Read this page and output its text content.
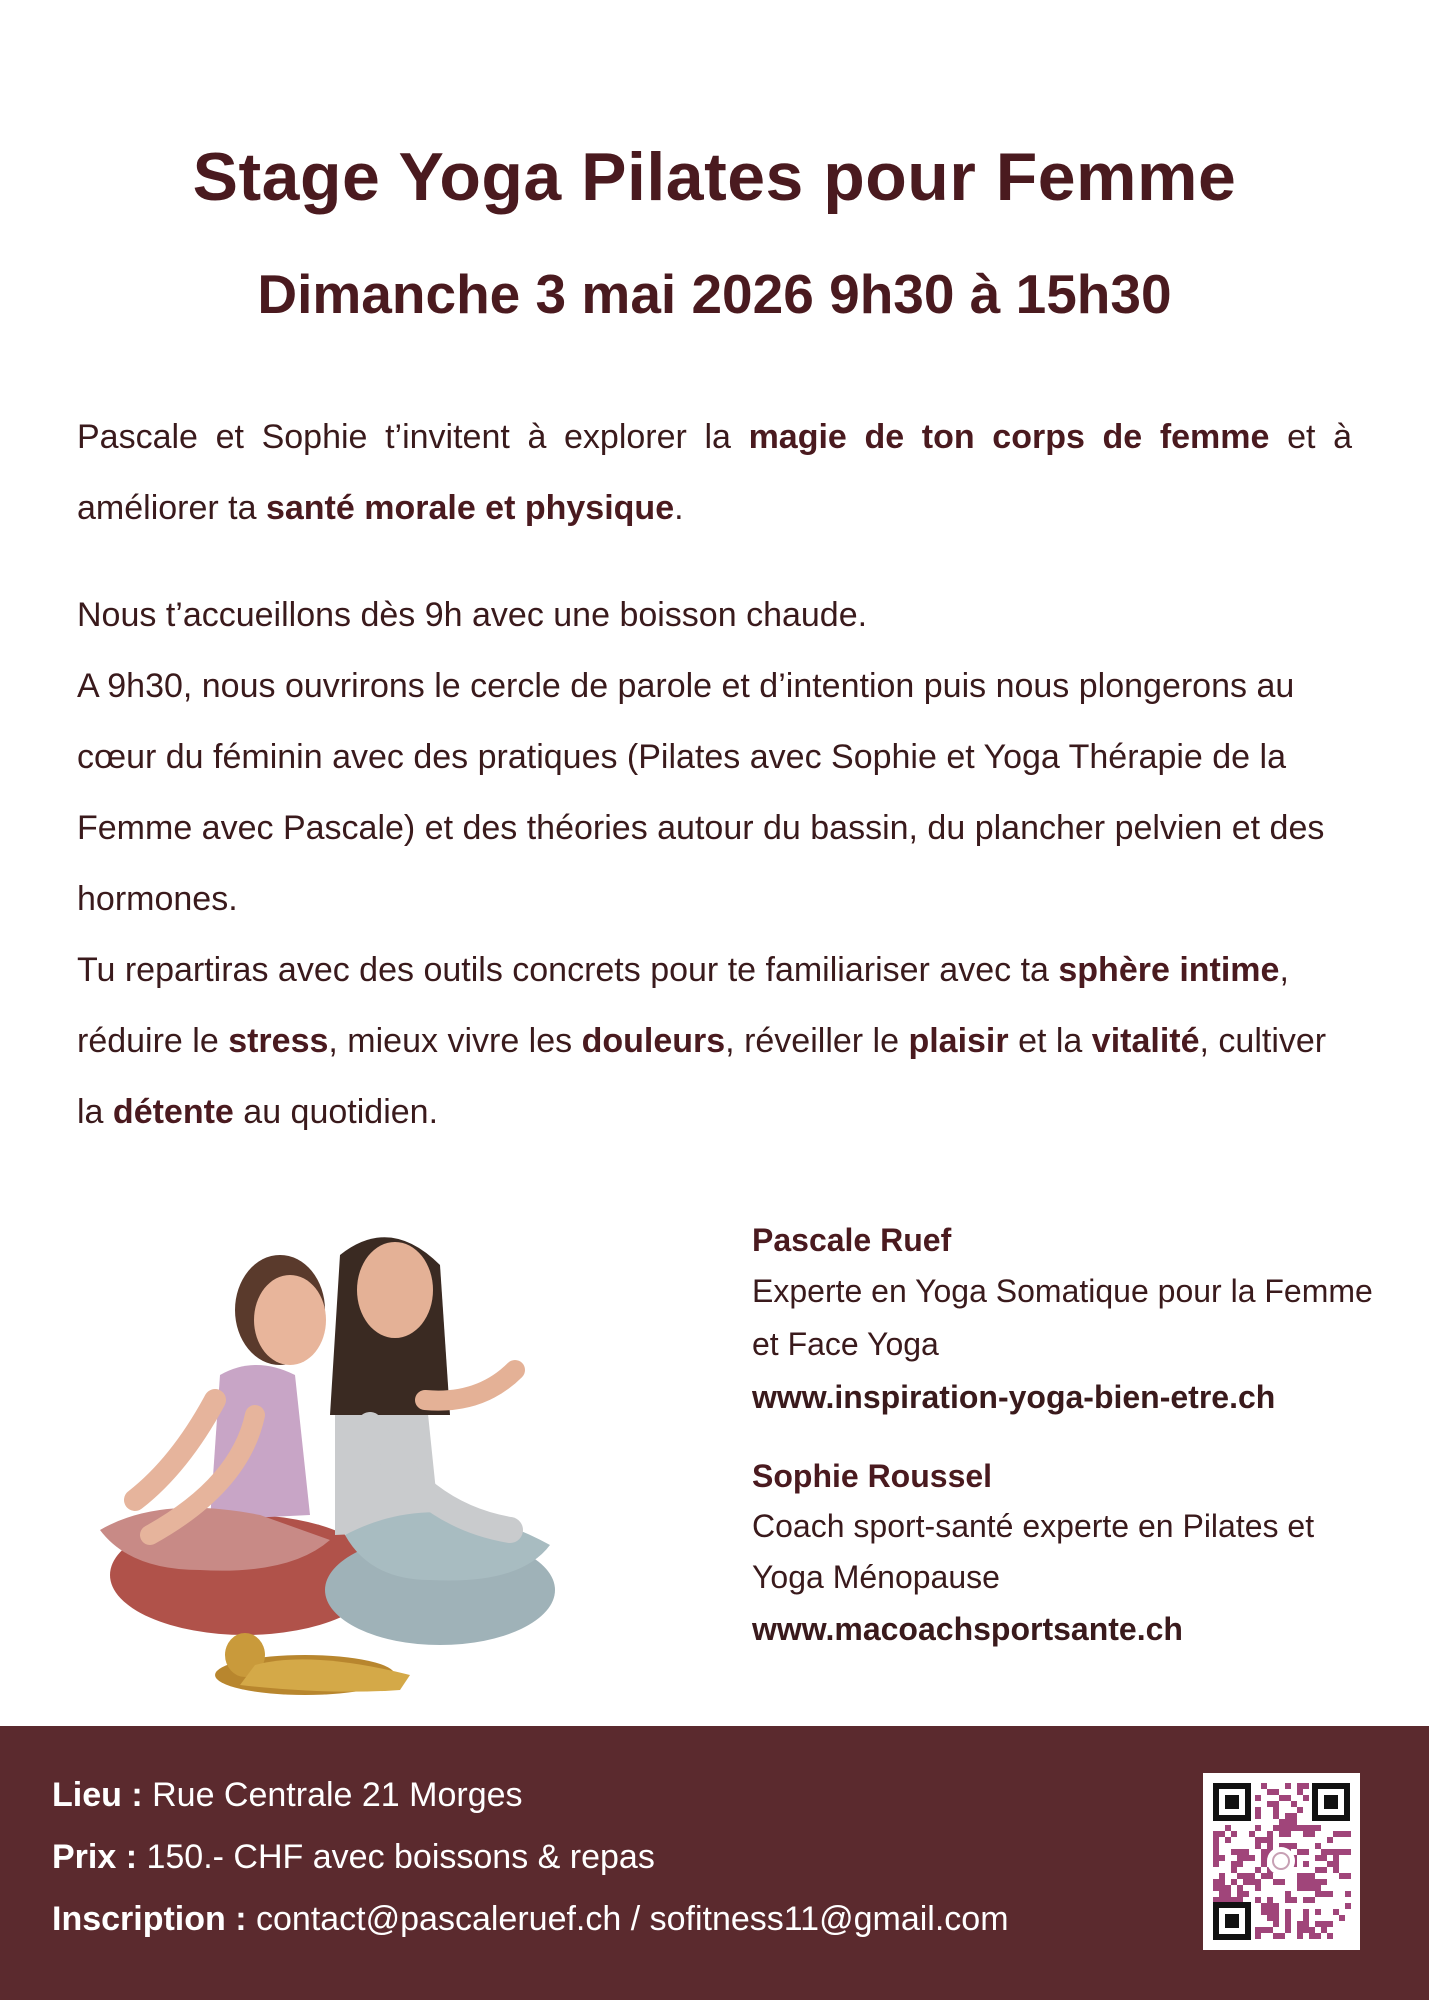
Stage Yoga Pilates pour Femme
Dimanche 3 mai 2026 9h30 à 15h30
Pascale et Sophie t’invitent à explorer la magie de ton corps de femme et à améliorer ta santé morale et physique.
Nous t’accueillons dès 9h avec une boisson chaude.
A 9h30, nous ouvrirons le cercle de parole et d’intention puis nous plongerons au cœur du féminin avec des pratiques (Pilates avec Sophie et Yoga Thérapie de la Femme avec Pascale) et des théories autour du bassin, du plancher pelvien et des hormones.
Tu repartiras avec des outils concrets pour te familiariser avec ta sphère intime, réduire le stress, mieux vivre les douleurs, réveiller le plaisir et la vitalité, cultiver la détente au quotidien.
Pascale Ruef
Experte en Yoga Somatique pour la Femme et Face Yoga
www.inspiration-yoga-bien-etre.ch
Sophie Roussel
Coach sport-santé experte en Pilates et Yoga Ménopause
www.macoachsportsante.ch
Lieu : Rue Centrale 21 Morges
Prix : 150.- CHF avec boissons & repas
Inscription : contact@pascaleruef.ch / sofitness11@gmail.com
